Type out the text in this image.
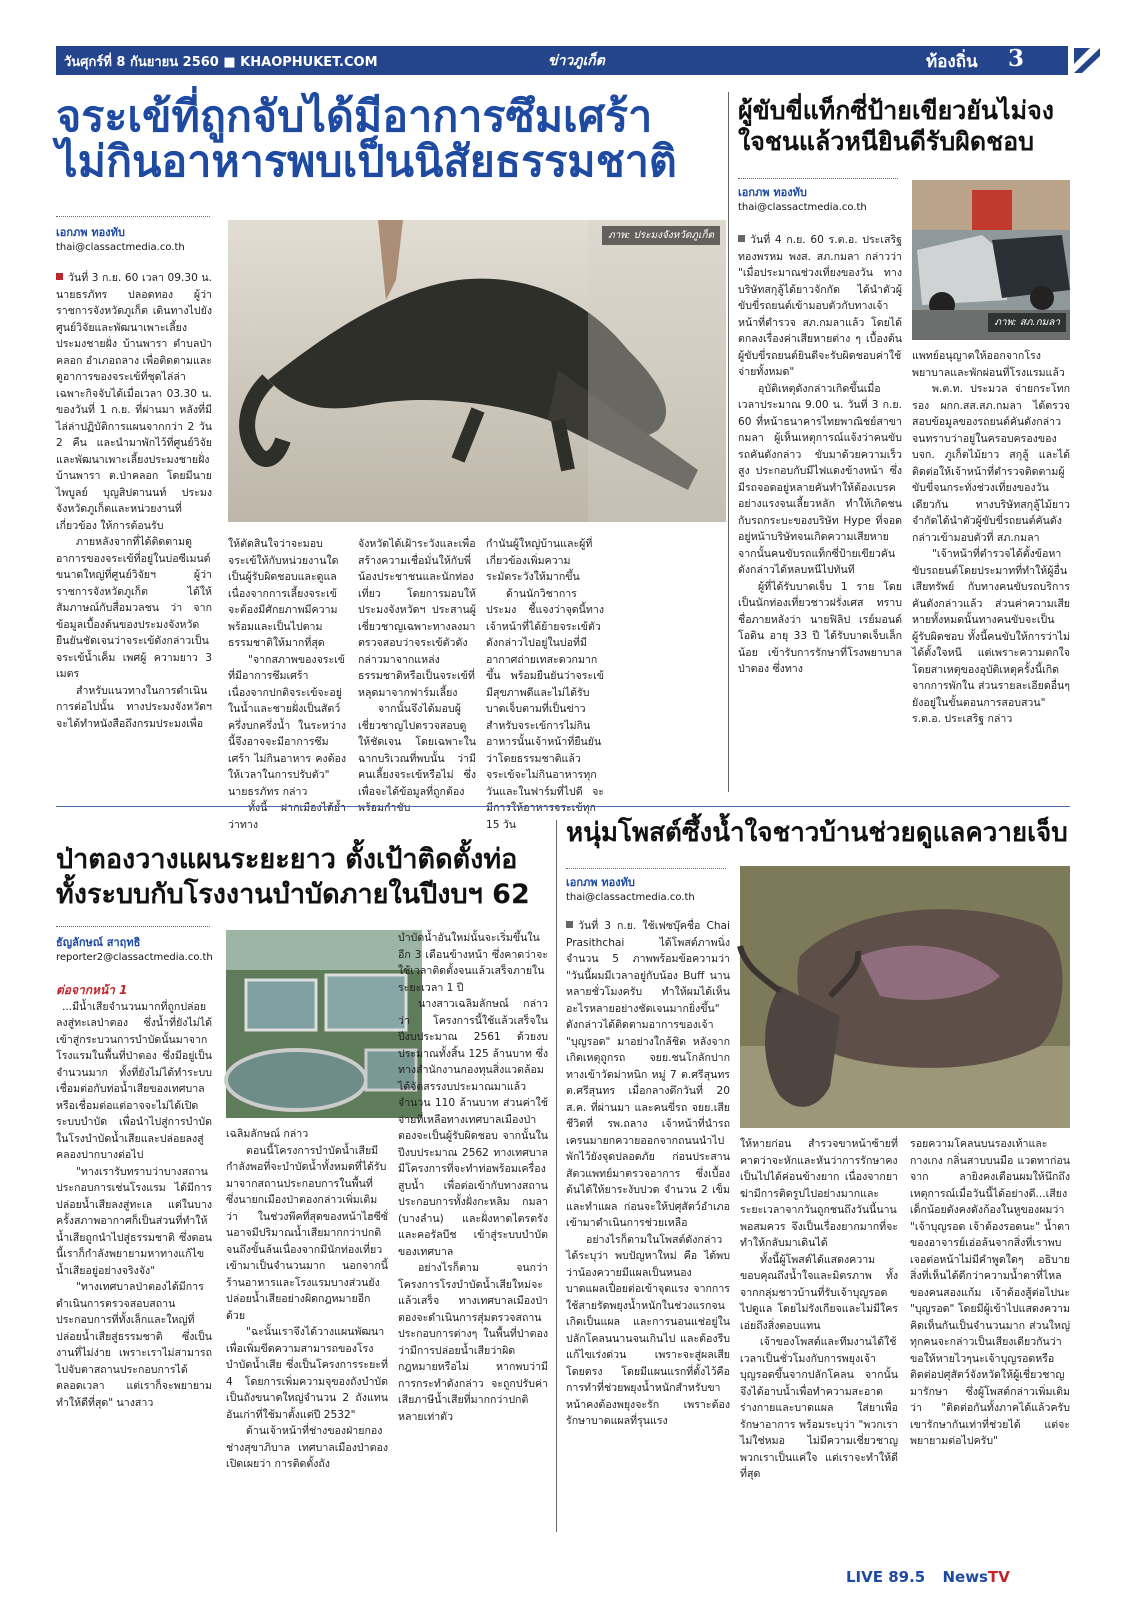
วันศุกร์ที่ 8 กันยายน 2560 ■ KHAOPHUKET.COM	ข่าวภูเก็ต	ท้องถิ่น 3
จระเข้ที่ถูกจับได้มีอาการซึมเศร้า
ไม่กินอาหารพบเป็นนิสัยธรรมชาติ
เอกภพ ทองทับ
thai@classactmedia.co.th
ภาพ: ประมงจังหวัดภูเก็ต

วันที่ 3 ก.ย. 60 เวลา 09.30 น. นายธรภัทร ปลอดทอง ผู้ว่าราชการจังหวัดภูเก็ต เดินทางไปยังศูนย์วิจัยและพัฒนาเพาะเลี้ยงประมงชายฝั่ง บ้านพารา ตำบลป่าคลอก อำเภอถลาง เพื่อติดตามและดูอาการของจระเข้ที่ชุดไล่ล่าเฉพาะกิจจับได้เมื่อเวลา 03.30 น. ของวันที่ 1 ก.ย. ที่ผ่านมา หลังที่มีไล่ล่าปฏิบัติการแผนจากกว่า 2 วัน 2 คืน และนำมาพักไว้ที่ศูนย์วิจัยและพัฒนาเพาะเลี้ยงประมงชายฝั่ง บ้านพารา ต.ป่าคลอก โดยมีนายไพบูลย์ บุญสิปตานนท์ ประมงจังหวัดภูเก็ตและหน่วยงานที่เกี่ยวข้อง ให้การต้อนรับ

ภายหลังจากที่ได้ติดตามดูอาการของจระเข้ที่อยู่ในบ่อซีเมนต์ขนาดใหญ่ที่ศูนย์วิจัยฯ ผู้ว่าราชการจังหวัดภูเก็ต ได้ให้สัมภาษณ์กับสื่อมวลชน ว่า จากข้อมูลเบื้องต้นของประมงจังหวัด ยืนยันชัดเจนว่าจระเข้ดังกล่าวเป็นจระเข้น้ำเค็ม เพศผู้ ความยาว 3 เมตร

สำหรับแนวทางในการดำเนินการต่อไปนั้น ทางประมงจังหวัดฯ จะได้ทำหนังสือถึงกรมประมงเพื่อ

ให้ตัดสินใจว่าจะมอบจระเข้ให้กับหน่วยงานใดเป็นผู้รับผิดชอบและดูแลเนื่องจากการเลี้ยงจระเข้จะต้องมีศักยภาพมีความพร้อมและเป็นไปตามธรรมชาติให้มากที่สุด

"จากสภาพของจระเข้ที่มีอาการซึมเศร้า เนื่องจากปกติจระเข้จะอยู่ในน้ำและชายฝั่งเป็นสัตว์ครึ่งบกครึ่งน้ำ ในระหว่างนี้จึงอาจจะมีอาการซึมเศร้า ไม่กินอาหาร คงต้องให้เวลาในการปรับตัว" นายธรภัทร กล่าว

ทั้งนี้ ฝากเมืองได้ย้ำว่าทาง

จังหวัดได้เฝ้าระวังและเพื่อสร้างความเชื่อมั่นให้กับพี่น้องประชาชนและนักท่องเที่ยว โดยการมอบให้ประมงจังหวัดฯ ประสานผู้เชี่ยวชาญเฉพาะทางลงมาตรวจสอบว่าจระเข้ตัวดังกล่าวมาจากแหล่งธรรมชาติหรือเป็นจระเข้ที่หลุดมาจากฟาร์มเลี้ยง

จากนั้นจึงได้มอบผู้เชี่ยวชาญไปตรวจสอบดูให้ชัดเจน โดยเฉพาะในฉากบริเวณที่พบนั้น ว่ามีคนเลี้ยงจระเข้หรือไม่ ซึ่งเพื่อจะได้ข้อมูลที่ถูกต้อง พร้อมกำชับ

กำนันผู้ใหญ่บ้านและผู้ที่เกี่ยวข้องเพิ่มความระมัดระวังให้มากขึ้น

ด้านนักวิชาการประมง ชี้แจงว่าจุดนี้ทางเจ้าหน้าที่ได้ย้ายจระเข้ตัวดังกล่าวไปอยู่ในบ่อที่มีอากาศถ่ายเทสะดวกมากขึ้น พร้อมยืนยันว่าจระเข้มีสุขภาพดีและไม่ได้รับบาดเจ็บตามที่เป็นข่าว สำหรับจระเข้การไม่กินอาหารนั้นเจ้าหน้าที่ยืนยันว่าโดยธรรมชาติแล้วจระเข้จะไม่กินอาหารทุกวันและในฟาร์มที่ไปดี จะมีการให้อาหารจระเข้ทุก 15 วัน

ผู้ขับขี่แท็กซี่ป้ายเขียวยันไม่จง
ใจชนแล้วหนียินดีรับผิดชอบ
เอกภพ ทองทับ
thai@classactmedia.co.th
ภาพ: สภ.กมลา

วันที่ 4 ก.ย. 60 ร.ต.อ. ประเสริฐ ทองพรหม พงส. สภ.กมลา กล่าวว่า "เมื่อประมาณช่วงเที่ยงของวัน ทางบริษัทสกุลู้ได้ยาวจักกัด ได้นำตัวผู้ขับขี่รถยนต์เข้ามอบตัวกับทางเจ้าหน้าที่ตำรวจ สภ.กมลาแล้ว โดยได้ตกลงเรื่องค่าเสียหายต่าง ๆ เบื้องต้นผู้ขับขี่รถยนต์ยินดีจะรับผิดชอบค่าใช้จ่ายทั้งหมด"

อุบัติเหตุดังกล่าวเกิดขึ้นเมื่อเวลาประมาณ 9.00 น. วันที่ 3 ก.ย. 60 ที่หน้าธนาคารไทยพาณิชย์สาขากมลา ผู้เห็นเหตุการณ์แจ้งว่าคนขับรถคันดังกล่าว ขับมาด้วยความเร็วสูง ประกอบกับมีไฟแดงข้างหน้า ซึ่งมีรถจอดอยู่หลายคันทำให้ต้องเบรคอย่างแรงจนเลี้ยวหลัก ทำให้เกิดชนกับรถกระบะของบริษัท Hype ที่จอดอยู่หน้าบริษัทจนเกิดความเสียหาย จากนั้นคนขับรถแท็กซี่ป้ายเขียวคันดังกล่าวได้หลบหนีไปทันที

ผู้ที่ได้รับบาดเจ็บ 1 ราย โดยเป็นนักท่องเที่ยวชาวฝรั่งเศส ทราบชื่อภายหลังว่า นายฟิลิป เรย์มอนด์ โอดิน อายุ 33 ปี ได้รับบาดเจ็บเล็กน้อย เข้ารับการรักษาที่โรงพยาบาลป่าตอง ซึ่งทาง

แพทย์อนุญาตให้ออกจากโรงพยาบาลและพักผ่อนที่โรงแรมแล้ว

พ.ต.ท. ประมวล จ่ายกระโทก รอง ผกก.สส.สภ.กมลา ได้ตรวจสอบข้อมูลของรถยนต์คันดังกล่าว จนทราบว่าอยู่ในครอบครองของ บจก. ภูเก็ตไม้ยาว สกุลู้ และได้ติดต่อให้เจ้าหน้าที่ตำรวจติดตามผู้ขับขี่จนกระทั่งช่วงเที่ยงของวันเดียวกัน ทางบริษัทสกุลู้ไม้ยาวจำกัดได้นำตัวผู้ขับขี่รถยนต์คันดังกล่าวเข้ามอบตัวที่ สภ.กมลา

"เจ้าหน้าที่ตำรวจได้ตั้งข้อหาขับรถยนต์โดยประมาทที่ทำให้ผู้อื่นเสียทรัพย์ กับทางคนขับรถบริการคันดังกล่าวแล้ว ส่วนค่าความเสียหายทั้งหมดนั้นทางคนขับจะเป็นผู้รับผิดชอบ ทั้งนี้คนขับให้การว่าไม่ได้ตั้งใจหนี แต่เพราะความตกใจ โดยสาเหตุของอุบัติเหตุครั้งนี้เกิดจากการพักใน ส่วนรายละเอียดอื่นๆ ยังอยู่ในขั้นตอนการสอบสวน" ร.ต.อ. ประเสริฐ กล่าว

ป่าตองวางแผนระยะยาว ตั้งเป้าติดตั้งท่อ
ทั้งระบบกับโรงงานบำบัดภายในปีงบฯ 62
ธัญลักษณ์ สาฤทธิ
reporter2@classactmedia.co.th

ต่อจากหน้า 1

...มีน้ำเสียจำนวนมากที่ถูกปล่อยลงสู่ทะเลป่าตอง ซึ่งน้ำที่ยังไม่ได้เข้าสู่กระบวนการบำบัดนั้นมาจากโรงแรมในพื้นที่ป่าตอง ซึ่งมีอยู่เป็นจำนวนมาก ทั้งที่ยังไม่ได้ทำระบบเชื่อมต่อกับท่อน้ำเสียของเทศบาล หรือเชื่อมต่อแต่อาจจะไม่ได้เปิดระบบบำบัด เพื่อนำไปสู่การบำบัดในโรงบำบัดน้ำเสียและปล่อยลงสู่คลองปากบางต่อไป

"ทางเรารับทราบว่าบางสถานประกอบการเช่นโรงแรม ได้มีการปล่อยน้ำเสียลงสู่ทะเล แต่ในบางครั้งสภาพอากาศก็เป็นส่วนที่ทำให้น้ำเสียถูกนำไปสู่ธรรมชาติ ซึ่งตอนนี้เราก็กำลังพยายามหาทางแก้ไขน้ำเสียอยู่อย่างจริงจัง"

"ทางเทศบาลป่าตองได้มีการดำเนินการตรวจสอบสถานประกอบการที่ทั้งเล็กและใหญ่ที่ปล่อยน้ำเสียสู่ธรรมชาติ ซึ่งเป็นงานที่ไม่ง่าย เพราะเราไม่สามารถไปจับตาสถานประกอบการได้ตลอดเวลา แต่เราก็จะพยายามทำให้ดีที่สุด" นางสาว

เฉลิมลักษณ์ กล่าว

ตอนนี้โครงการบำบัดน้ำเสียมีกำลังพอที่จะบำบัดน้ำทั้งหมดที่ได้รับมาจากสถานประกอบการในพื้นที่ ซึ่งนายกเมืองป่าตองกล่าวเพิ่มเติมว่า ในช่วงพีคที่สุดของหน้าไฮซีซั่นอาจมีปริมาณน้ำเสียมากกว่าปกติจนถึงขั้นล้นเนื่องจากมีนักท่องเที่ยวเข้ามาเป็นจำนวนมาก นอกจากนี้ร้านอาหารและโรงแรมบางส่วนยังปล่อยน้ำเสียอย่างผิดกฎหมายอีกด้วย

"ฉะนั้นเราจึงได้วางแผนพัฒนาเพื่อเพิ่มขีดความสามารถของโรงบำบัดน้ำเสีย ซึ่งเป็นโครงการระยะที่ 4 โดยการเพิ่มความจุของถังบำบัดเป็นถังขนาดใหญ่จำนวน 2 ถังแทนอันเก่าที่ใช้มาตั้งแต่ปี 2532"

ด้านเจ้าหน้าที่ช่างของฝ่ายกองช่างสุขาภิบาล เทศบาลเมืองป่าตอง เปิดเผยว่า การติดตั้งถัง

บำบัดน้ำอันใหม่นั้นจะเริ่มขึ้นในอีก 3 เดือนข้างหน้า ซึ่งคาดว่าจะใช้เวลาติดตั้งจนแล้วเสร็จภายในระยะเวลา 1 ปี

นางสาวเฉลิมลักษณ์ กล่าวว่า โครงการนี้ใช้แล้วเสร็จในปีงบประมาณ 2561 ด้วยงบประมาณทั้งสิ้น 125 ล้านบาท ซึ่งทางสำนักงานกองทุนสิ่งแวดล้อมได้จัดสรรงบประมาณมาแล้วจำนวน 110 ล้านบาท ส่วนค่าใช้จ่ายที่เหลือทางเทศบาลเมืองป่าตองจะเป็นผู้รับผิดชอบ จากนั้นในปีงบประมาณ 2562 ทางเทศบาลมีโครงการที่จะทำท่อพร้อมเครื่องสูบน้ำ เพื่อต่อเข้ากับทางสถานประกอบการทั้งฝั่งกะหลิม กมลา (บางลำน) และฝั่งหาดไตรตรังและคอรัลบีช เข้าสู่ระบบบำบัดของเทศบาล

อย่างไรก็ตาม จนกว่าโครงการโรงบำบัดน้ำเสียใหม่จะแล้วเสร็จ ทางเทศบาลเมืองป่าตองจะดำเนินการสุ่มตรวจสถานประกอบการต่างๆ ในพื้นที่ป่าตองว่ามีการปล่อยน้ำเสียว่าผิดกฎหมายหรือไม่ หากพบว่ามีการกระทำดังกล่าว จะถูกปรับค่าเสียภาษีน้ำเสียที่มากกว่าปกติหลายเท่าตัว

หนุ่มโพสต์ซึ้งน้ำใจชาวบ้านช่วยดูแลควายเจ็บ
เอกภพ ทองทับ
thai@classactmedia.co.th

วันที่ 3 ก.ย. ใช้เฟซบุ๊คชื่อ Chai Prasithchai ได้โพสต์ภาพนิ่ง จำนวน 5 ภาพพร้อมข้อความว่า "วันนี้ผมมีเวลาอยู่กับน้อง Buff นานหลายชั่วโมงครับ ทำให้ผมได้เห็นอะไรหลายอย่างชัดเจนมากยิ่งขึ้น" ดังกล่าวได้ติดตามอาการของเจ้า "บุญรอด" มาอย่างใกล้ชิด หลังจากเกิดเหตุถูกรถ จยย.ชนโกลักปาก ทางเข้าวัดม่าหนิก หมู่ 7 ต.ศรีสุนทร ต.ศรีสุนทร เมื่อกลางดึกวันที่ 20 ส.ค. ที่ผ่านมา และคนขี่รถ จยย.เสียชีวิตที่ รพ.ถลาง เจ้าหน้าที่นำรถเครนมายกควายออกจากถนนนำไปพักไว้ยังจุดปลอดภัย ก่อนประสานสัตวแพทย์มาตรวจอาการ ซึ่งเบื้องต้นได้ให้ยาระงับปวด จำนวน 2 เข็มและทำแผล ก่อนจะให้ปศุสัตว์อำเภอเข้ามาดำเนินการช่วยเหลือ

อย่างไรก็ตามในโพสต์ดังกล่าวได้ระบุว่า พบปัญหาใหม่ คือ ได้พบว่าน้องควายมีแผลเป็นหนอง บาดแผลเปื่อยต่อเข้าจุดแรง จากการใช้สายรัดพยุงน้ำหนักในช่วงแรกจนเกิดเป็นแผล และการนอนแช่อยู่ในปลักโคลนนานจนเกินไป และต้องรีบแก้ไขเร่งด่วน เพราะจะสู่ผลเสียโดยตรง โดยมีแผนแรกที่ตั้งไว้คือ การทำที่ช่วยพยุงน้ำหนักสำหรับขาหน้าคงต้องพยุงจะรัก เพราะต้องรักษาบาดแผลที่รุนแรง

ให้หายก่อน สำรวจขาหน้าซ้ายที่คาดว่าจะหักและหันว่าการรักษาคงเป็นไปได้ค่อนข้างยาก เนื่องจากยาฆ่ามีการติดรูปไปอย่างมากและระยะเวลาจากวันถูกชนถึงวันนี้นานพอสมควร จึงเป็นเรื่องยากมากที่จะทำให้กลับมาเดินได้

ทั้งนี้ผู้โพสต์ได้แสดงความขอบคุณถึงน้ำใจและมิตรภาพ ทั้งจากกลุ่มชาวบ้านที่รับเจ้าบุญรอดไปดูแล โดยไม่รังเกียจและไม่มีใครเอ่ยถึงสิ่งตอบแทน

เจ้าของโพสต์และทีมงานได้ใช้เวลาเป็นชั่วโมงกับการพยุงเจ้าบุญรอดขึ้นจากปลักโคลน จากนั้นจึงได้อาบน้ำเพื่อทำความสะอาดร่างกายและบาดแผล ใส่ยาเพื่อรักษาอาการ พร้อมระบุว่า "พวกเราไม่ใช่หมอ ไม่มีความเชี่ยวชาญ พวกเราเป็นแค่ใจ แต่เราจะทำให้ดีที่สุด

รอยความโคลนบนรองเท้าและกางเกง กลิ่นสาบบนมือ แวดทาก่อนจาก ลายิงคงเตือนผมให้นึกถึงเหตุการณ์เมื่อวันนี้ได้อย่างดี...เสียงเด็กน้อยดังคงดังก้องในหูของผมว่า "เจ้าบุญรอด เจ้าต้องรอดนะ" น้ำตาของอาจารย์เอ่อล้นจากสิ่งที่เราพบเจอต่อหน้าไม่มีคำพูดใดๆ อธิบายสิ่งที่เห็นได้ดีกว่าความน้ำตาที่ไหลของคนสองแก้ม เจ้าต้องสู้ต่อไปนะ "บุญรอด" โดยมีผู้เข้าไปแสดงความคิดเห็นกันเป็นจำนวนมาก ส่วนใหญ่ทุกคนจะกล่าวเป็นเสียงเดียวกันว่า ขอให้หายไวๆนะเจ้าบุญรอดหรือติดต่อปศุสัตว์จังหวัดให้ผู้เชี่ยวชาญมารักษา ซึ่งผู้โพสต์กล่าวเพิ่มเติม ว่า "ติดต่อกันทั้งภาคได้แล้วครับ เขารักษากันเท่าที่ช่วยได้ แต่จะพยายามต่อไปครับ"

LIVE 89.5 NewsTV
